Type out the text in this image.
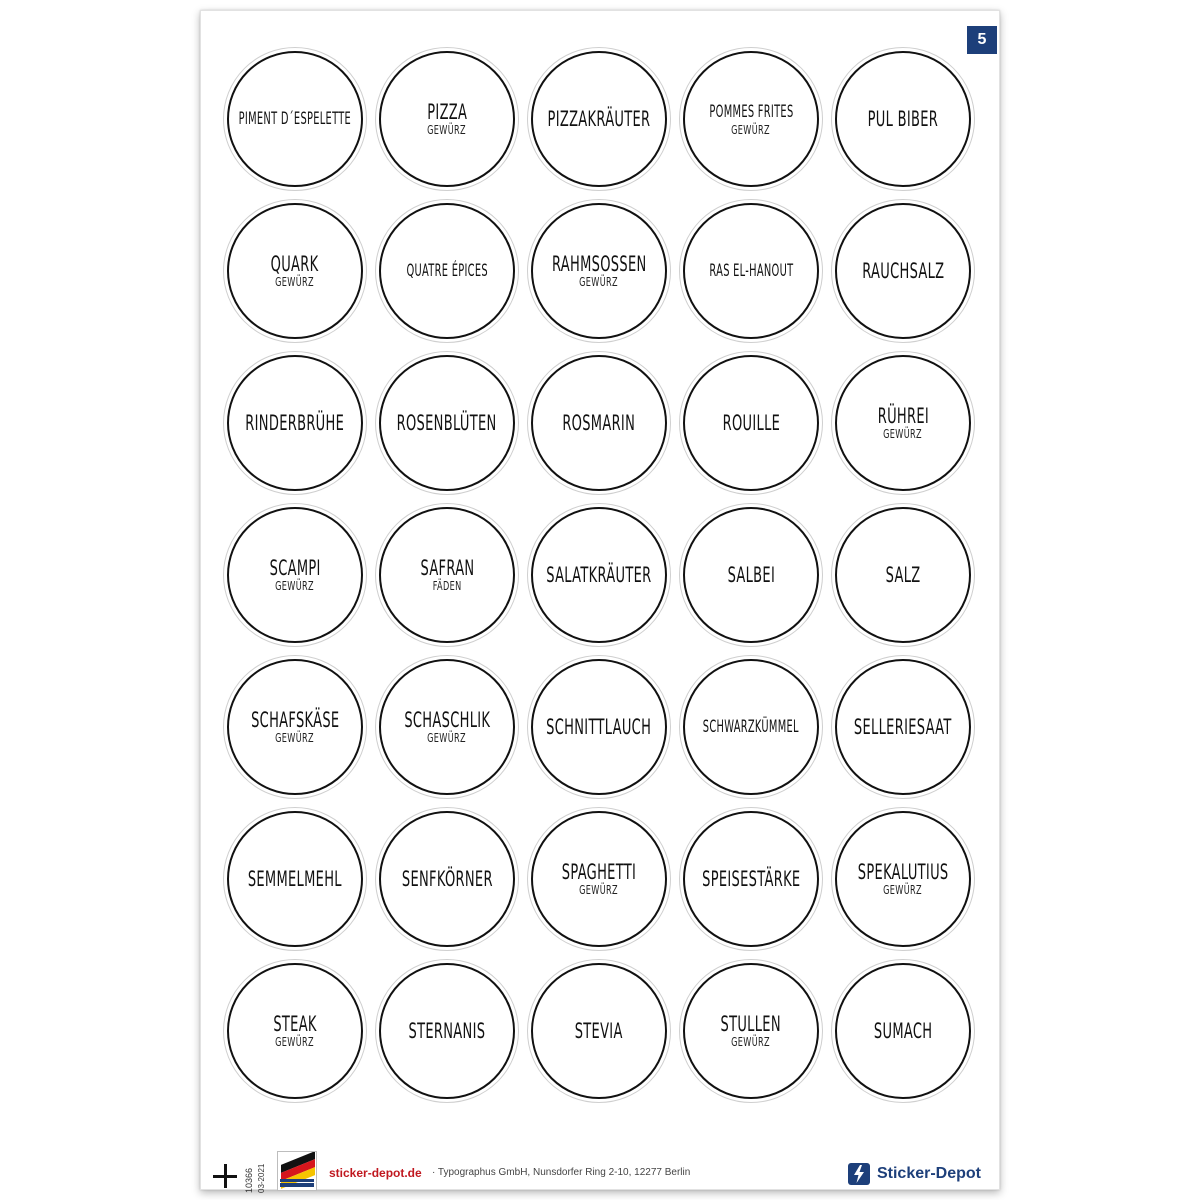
5
PIMENT D´ESPELETTE	PIZZA
GEWÜRZ	PIZZAKRÄUTER	POMMES FRITES
GEWÜRZ	PUL BIBER
QUARK
GEWÜRZ
QUATRE ÉPICES	RAHMSOSSEN
GEWÜRZ
RAS EL-HANOUT	RAUCHSALZ
RINDERBRÜHE	ROSENBLÜTEN	ROSMARIN	ROUILLE	RÜHREI
GEWÜRZ
SCAMPI
GEWÜRZ
SAFRAN
FÄDEN	SALATKRÄUTER	SALBEI	SALZ
SCHAFSKÄSE
GEWÜRZ
SCHASCHLIK
GEWÜRZ	SCHNITTLAUCH	SCHWARZKÜMMEL	SELLERIESAAT
SEMMELMEHL	SENFKÖRNER	SPAGHETTI
GEWÜRZ	SPEISESTÄRKE	SPEKALUTIUS
GEWÜRZ
STEAK
GEWÜRZ	STERNANIS	STEVIA	STULLEN
GEWÜRZ	SUMACH
10366 03-2021	sticker-depot.de · Typographus GmbH, Nunsdorfer Ring 2-10, 12277 Berlin	Sticker-Depot
